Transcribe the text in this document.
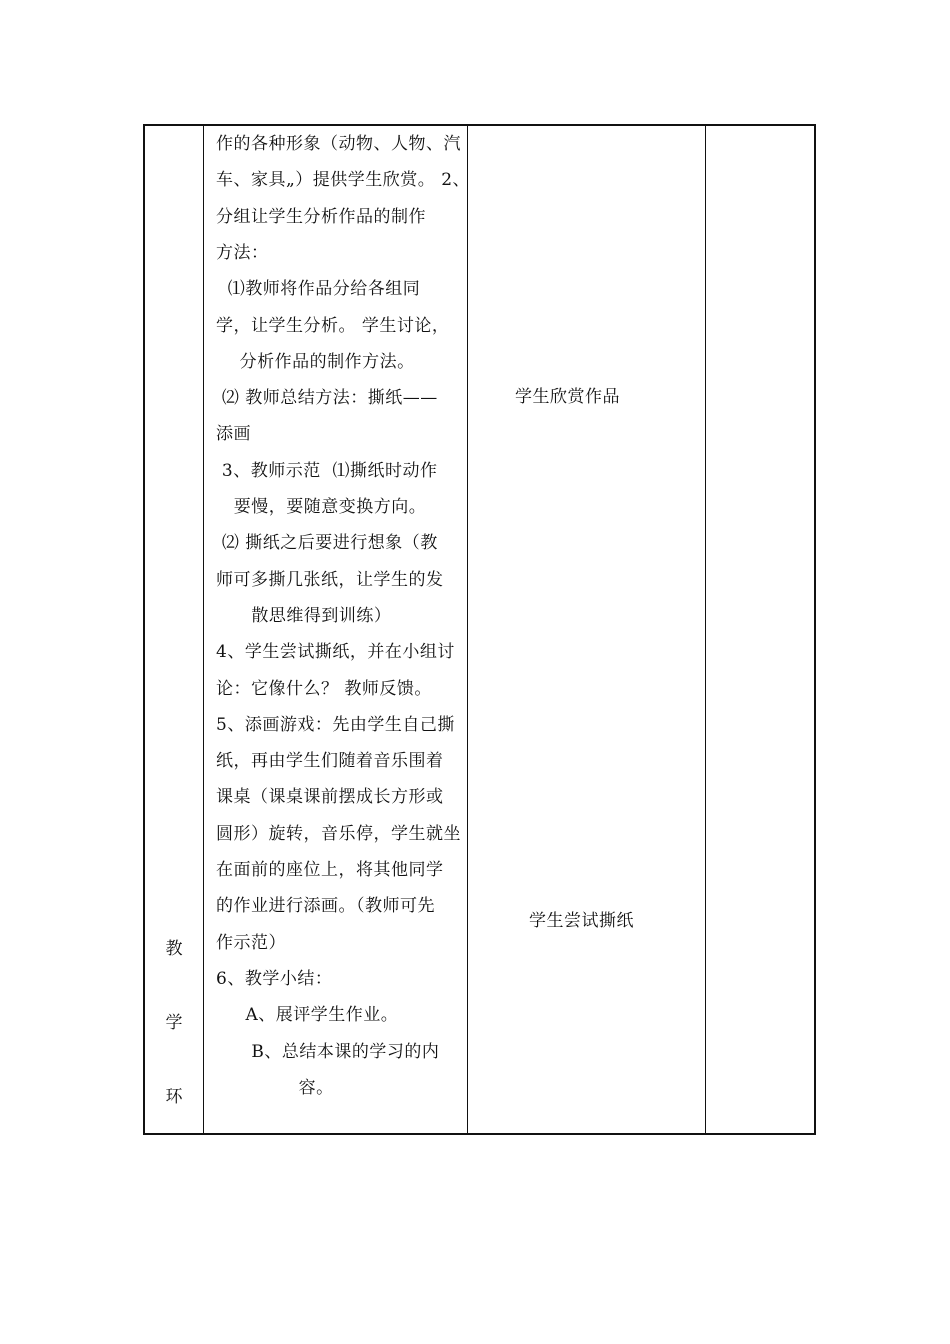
教
学
环
作的各种形象（动物、人物、汽
车、家具„）提供学生欣赏。 2、
分组让学生分析作品的制作
方法：
⑴教师将作品分给各组同
学，让学生分析。 学生讨论，
分析作品的制作方法。
⑵ 教师总结方法：撕纸——
添画
3、教师示范  ⑴撕纸时动作
要慢，要随意变换方向。
⑵ 撕纸之后要进行想象（教
师可多撕几张纸，让学生的发
散思维得到训练）
4、学生尝试撕纸，并在小组讨
论：它像什么？ 教师反馈。
5、添画游戏：先由学生自己撕
纸，再由学生们随着音乐围着
课桌（课桌课前摆成长方形或
圆形）旋转，音乐停，学生就坐
在面前的座位上，将其他同学
的作业进行添画。（教师可先
作示范）
6、教学小结：
A、展评学生作业。
B、总结本课的学习的内
容。
学生欣赏作品
学生尝试撕纸
